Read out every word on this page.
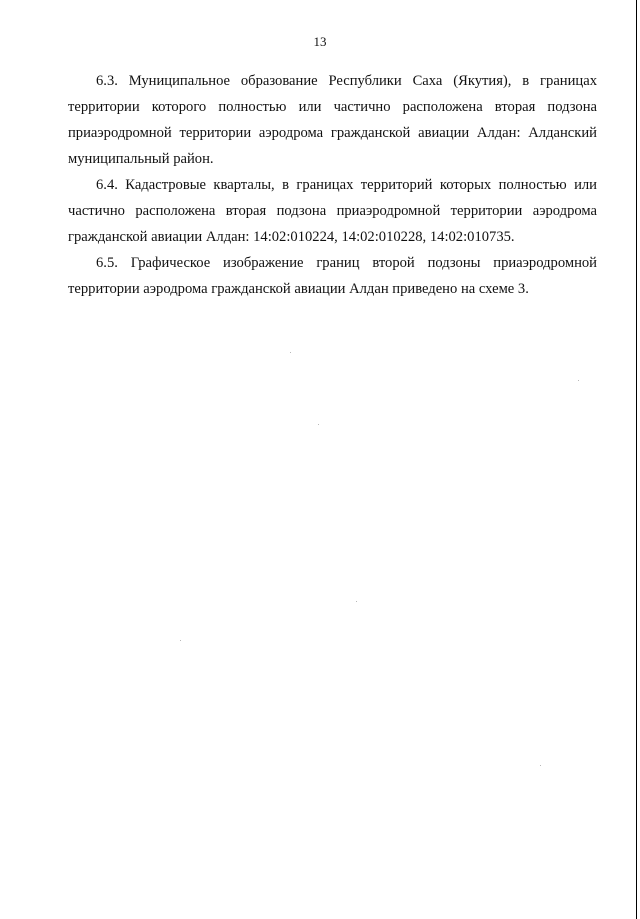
13

6.3. Муниципальное образование Республики Саха (Якутия), в границах территории которого полностью или частично расположена вторая подзона приаэродромной территории аэродрома гражданской авиации Алдан: Алданский муниципальный район.

6.4. Кадастровые кварталы, в границах территорий которых полностью или частично расположена вторая подзона приаэродромной территории аэродрома гражданской авиации Алдан: 14:02:010224, 14:02:010228, 14:02:010735.

6.5. Графическое изображение границ второй подзоны приаэродромной территории аэродрома гражданской авиации Алдан приведено на схеме 3.
